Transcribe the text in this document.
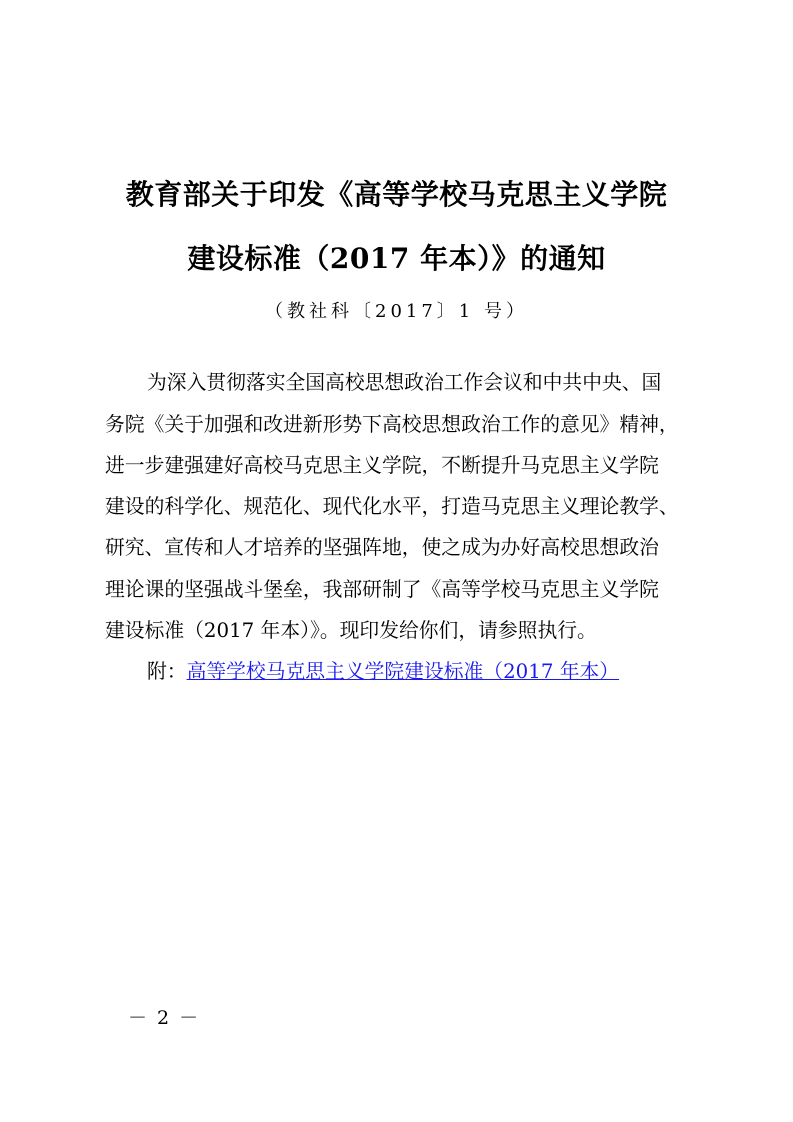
教育部关于印发《高等学校马克思主义学院
建设标准（2017 年本）》的通知
（教社科〔2017〕1 号）
为深入贯彻落实全国高校思想政治工作会议和中共中央、国
务院《关于加强和改进新形势下高校思想政治工作的意见》精神，
进一步建强建好高校马克思主义学院，不断提升马克思主义学院
建设的科学化、规范化、现代化水平，打造马克思主义理论教学、
研究、宣传和人才培养的坚强阵地，使之成为办好高校思想政治
理论课的坚强战斗堡垒，我部研制了《高等学校马克思主义学院
建设标准（2017 年本）》。现印发给你们，请参照执行。
附：高等学校马克思主义学院建设标准（2017 年本）
－ 2 －
